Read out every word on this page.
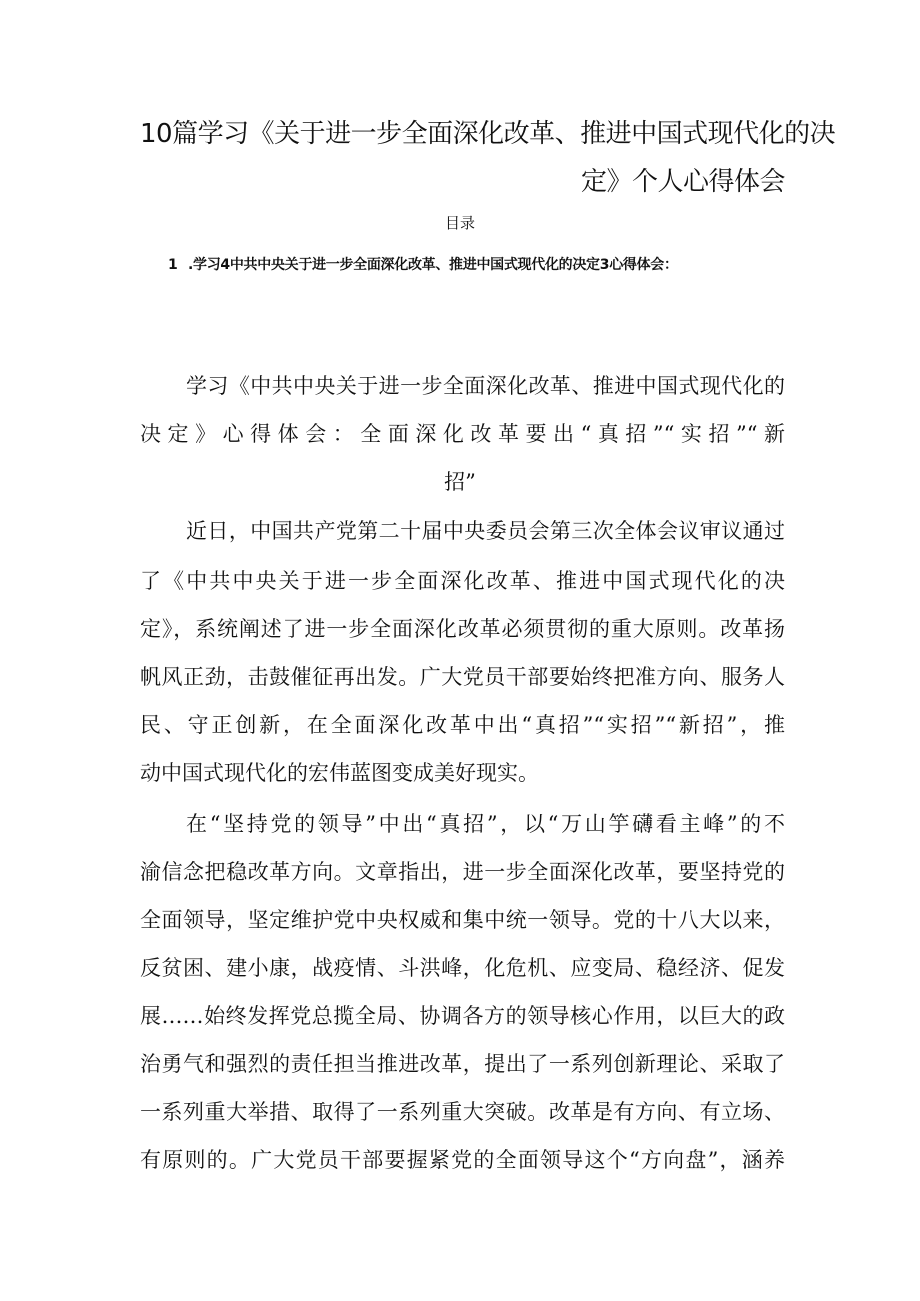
10篇学习《关于进一步全面深化改革、推进中国式现代化的决
定》个人心得体会
目录
1 .学习4中共中央关于进一步全面深化改革、推进中国式现代化的决定3心得体会：
学习《中共中央关于进一步全面深化改革、推进中国式现代化的
决定》心得体会：全面深化改革要出“真招”“实招”“新
招”
近日，中国共产党第二十届中央委员会第三次全体会议审议通过
了《中共中央关于进一步全面深化改革、推进中国式现代化的决
定》，系统阐述了进一步全面深化改革必须贯彻的重大原则。改革扬
帆风正劲，击鼓催征再出发。广大党员干部要始终把准方向、服务人
民、守正创新，在全面深化改革中出“真招”“实招”“新招”，推
动中国式现代化的宏伟蓝图变成美好现实。
在“坚持党的领导”中出“真招”，以“万山竽礴看主峰”的不
渝信念把稳改革方向。文章指出，进一步全面深化改革，要坚持党的
全面领导，坚定维护党中央权威和集中统一领导。党的十八大以来，
反贫困、建小康，战疫情、斗洪峰，化危机、应变局、稳经济、促发
展……始终发挥党总揽全局、协调各方的领导核心作用，以巨大的政
治勇气和强烈的责任担当推进改革，提出了一系列创新理论、采取了
一系列重大举措、取得了一系列重大突破。改革是有方向、有立场、
有原则的。广大党员干部要握紧党的全面领导这个“方向盘”，涵养
